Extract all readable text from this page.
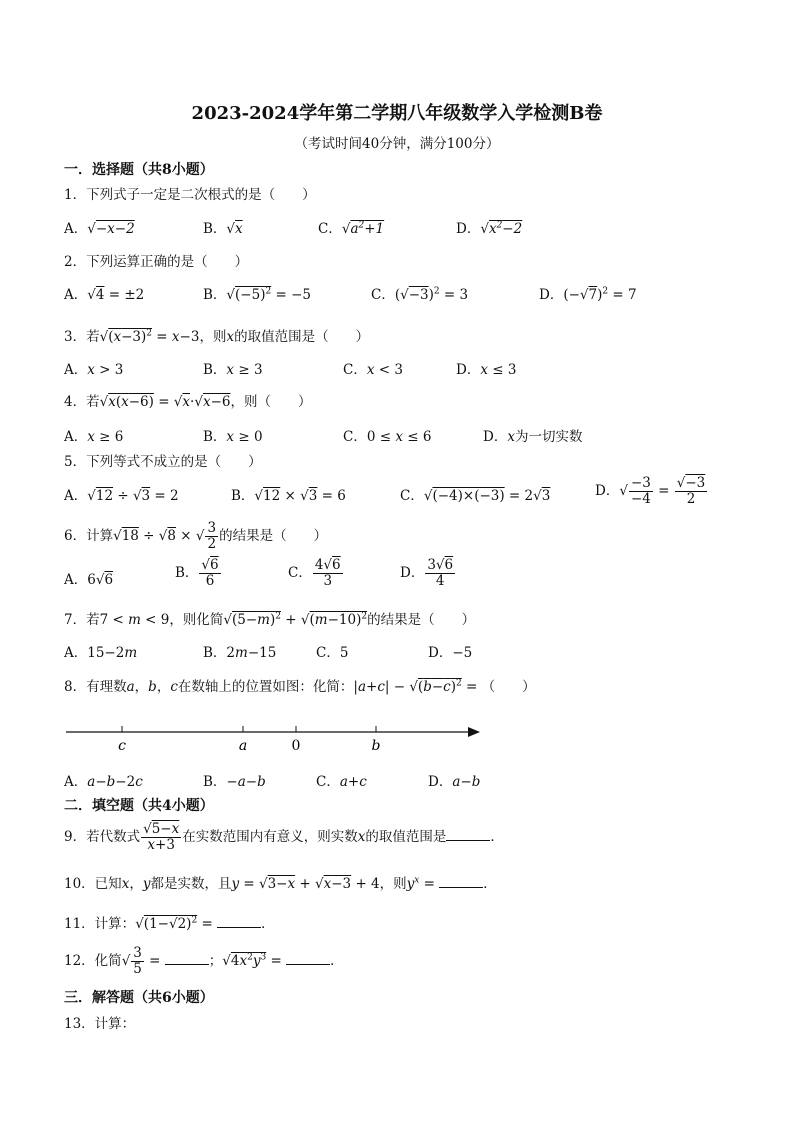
2023-2024学年第二学期八年级数学入学检测B卷
（考试时间40分钟，满分100分）
一．选择题（共8小题）
1．下列式子一定是二次根式的是（　　）
A．√−x−2	B．√x	C．$√a^2+1$	D．$√x^2-2$
2．下列运算正确的是（　　）
A．√4 = ±2	B．$√(-5)^2 = -5$	C．$(√-3)^2 = 3$	D．$(-√7)^2 = 7$
3．若$√(x-3)^2 = x-3$，则x的取值范围是（　　）
A．x > 3	B．x ≥ 3	C．x < 3	D．x ≤ 3
4．若√x(x−6) = √x·√x−6，则（　　）
A．x ≥ 6	B．x ≥ 0	C．0 ≤ x ≤ 6	D．x为一切实数
5．下列等式不成立的是（　　）
A．√12 ÷ √3 = 2	B．√12 × √3 = 6	C．√(−4)×(−3) = 2√3	D．√ $\frac{-3}{-4} = \frac{√-3}{2}$
6．计算√18 ÷ √8 × √ $\frac{3}{2}$ 的结果是（　　）
A．6√6	B． $\frac{√6}{6}$	C． $\frac{4√6}{3}$	D． $\frac{3√6}{4}$
7．若7 < m < 9，则化简$√(5-m)^2 + √(m-10)^2$的结果是（　　）
A．15−2m	B．2m−15	C．5	D．−5
8．有理数a，b，c在数轴上的位置如图：化简：$|a+c| - √(b-c)^2$ = （　　）
c	a	0	b
A．a−b−2c	B．−a−b	C．a+c	D．a−b
二．填空题（共4小题）
9．若代数式 $\frac{√5-x}{x+3}$ 在实数范围内有意义，则实数x的取值范围是	．
10．已知x，y都是实数，且y = √3−x + √x−3 + 4，则$y^x$ =	．
11．计算：$√(1-√2)^2$ =	．
12．化简√ $\frac{3}{5}$ =	；$√4x^2y^3$ =	．
三．解答题（共6小题）
13．计算：
